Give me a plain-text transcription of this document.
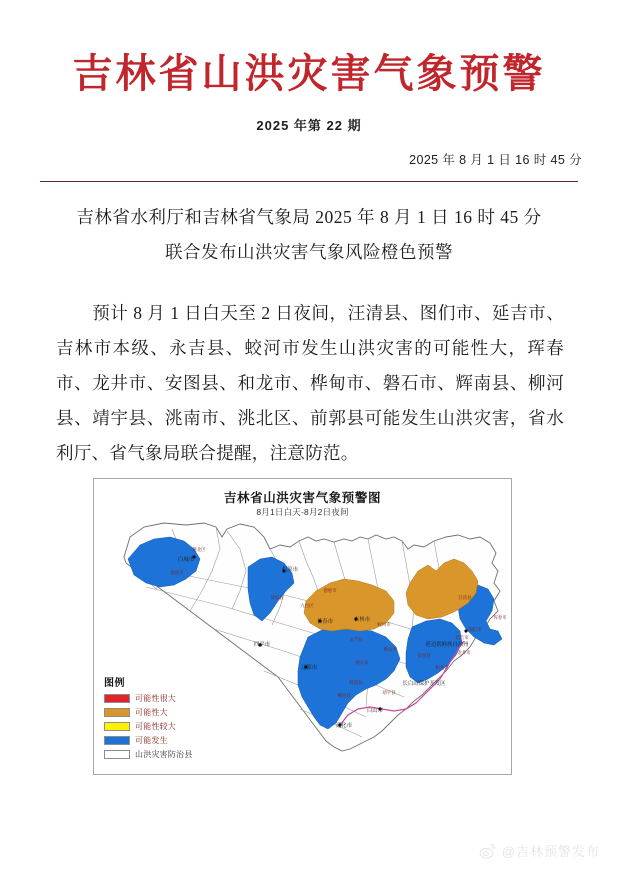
吉林省山洪灾害气象预警
2025 年第 22 期
2025 年 8 月 1 日 16 时 45 分
吉林省水利厅和吉林省气象局 2025 年 8 月 1 日 16 时 45 分
联合发布山洪灾害气象风险橙色预警
预计 8 月 1 日白天至 2 日夜间，汪清县、图们市、延吉市、吉林市本级、永吉县、蛟河市发生山洪灾害的可能性大，珲春市、龙井市、安图县、和龙市、桦甸市、磐石市、辉南县、柳河县、靖宇县、洮南市、洮北区、前郭县可能发生山洪灾害，省水利厅、省气象局联合提醒，注意防范。
吉林省山洪灾害气象预警图
8月1日白天-8月2日夜间
白城市
松原市
长春市	吉林市
四平市
辽源市
通化市
白山市
延边朝鲜族自治州
长白山保护开发区
洮北区
洮南市
前郭县
德惠市
九台区
蛟河市
永吉县
磐石市
桦甸市
辉南县
柳河县
靖宇县
汪清县
珲春市
图们市
延吉市
龙井市
和龙市
安图县
图例
可能性很大
可能性大
可能性较大
可能发生
山洪灾害防治县
@吉林预警发布
